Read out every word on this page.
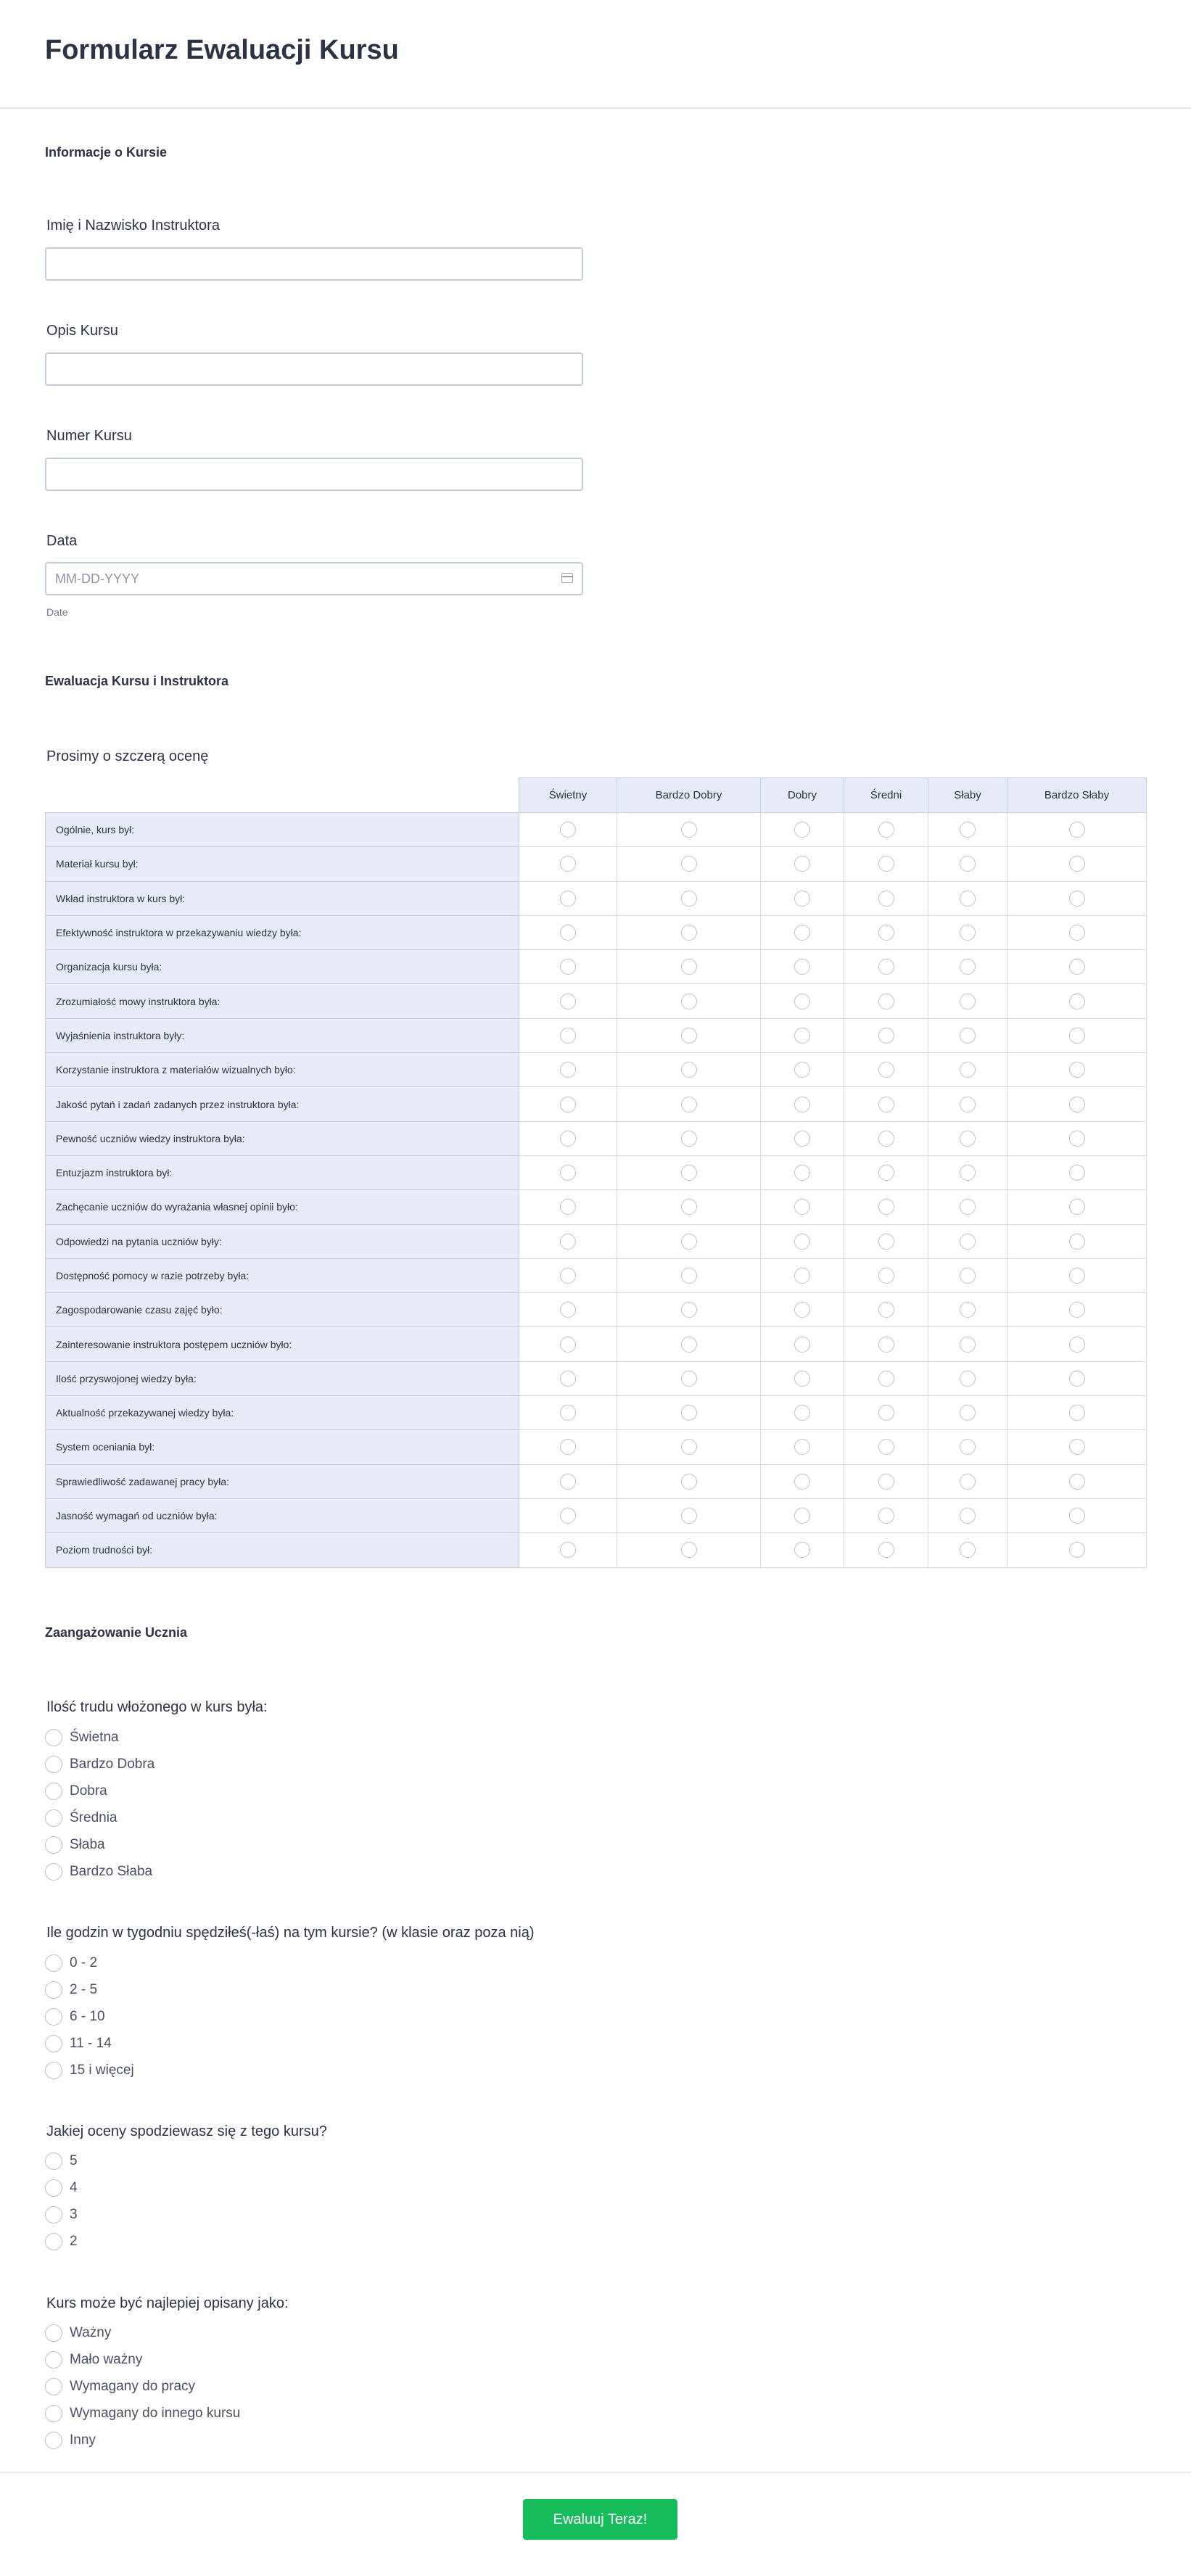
Formularz Ewaluacji Kursu
Informacje o Kursie
Imię i Nazwisko Instruktora
Opis Kursu
Numer Kursu
Data
MM-DD-YYYY
Date
Ewaluacja Kursu i Instruktora
Prosimy o szczerą ocenę
	Świetny	Bardzo Dobry	Dobry	Średni	Słaby	Bardzo Słaby
Ogólnie, kurs był:						
Materiał kursu był:						
Wkład instruktora w kurs był:						
Efektywność instruktora w przekazywaniu wiedzy była:						
Organizacja kursu była:						
Zrozumiałość mowy instruktora była:						
Wyjaśnienia instruktora były:						
Korzystanie instruktora z materiałów wizualnych było:						
Jakość pytań i zadań zadanych przez instruktora była:						
Pewność uczniów wiedzy instruktora była:						
Entuzjazm instruktora był:						
Zachęcanie uczniów do wyrażania własnej opinii było:						
Odpowiedzi na pytania uczniów były:						
Dostępność pomocy w razie potrzeby była:						
Zagospodarowanie czasu zajęć było:						
Zainteresowanie instruktora postępem uczniów było:						
Ilość przyswojonej wiedzy była:						
Aktualność przekazywanej wiedzy była:						
System oceniania był:						
Sprawiedliwość zadawanej pracy była:						
Jasność wymagań od uczniów była:						
Poziom trudności był:						
Zaangażowanie Ucznia
Ilość trudu włożonego w kurs była:
Ile godzin w tygodniu spędziłeś(-łaś) na tym kursie? (w klasie oraz poza nią)
Jakiej oceny spodziewasz się z tego kursu?
Kurs może być najlepiej opisany jako:
Ewaluuj Teraz!
Świetna
Bardzo Dobra
Dobra
Średnia
Słaba
Bardzo Słaba
0 - 2
2 - 5
6 - 10
11 - 14
15 i więcej
5
4
3
2
Ważny
Mało ważny
Wymagany do pracy
Wymagany do innego kursu
Inny
